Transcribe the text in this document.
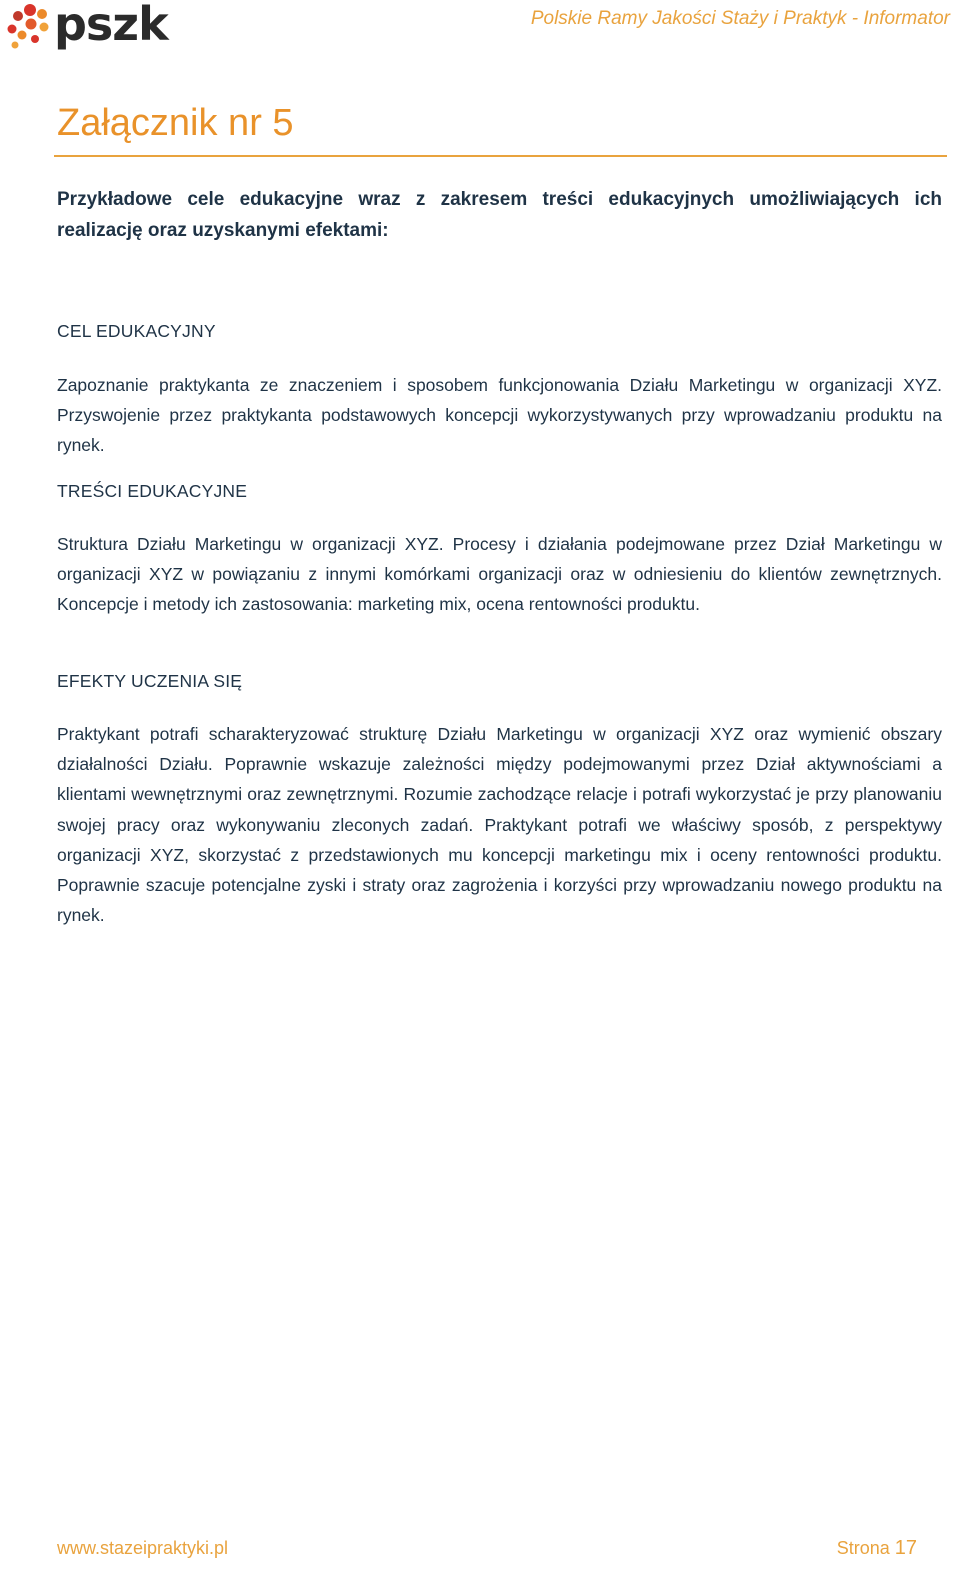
pszk	Polskie Ramy Jakości Staży i Praktyk - Informator
Załącznik nr 5

Przykładowe cele edukacyjne wraz z zakresem treści edukacyjnych umożliwiających ich realizację oraz uzyskanymi efektami:

CEL EDUKACYJNY

Zapoznanie praktykanta ze znaczeniem i sposobem funkcjonowania Działu Marketingu w organizacji XYZ. Przyswojenie przez praktykanta podstawowych koncepcji wykorzystywanych przy wprowadzaniu produktu na rynek.

TREŚCI EDUKACYJNE

Struktura Działu Marketingu w organizacji XYZ. Procesy i działania podejmowane przez Dział Marketingu w organizacji XYZ w powiązaniu z innymi komórkami organizacji oraz w odniesieniu do klientów zewnętrznych. Koncepcje i metody ich zastosowania: marketing mix, ocena rentowności produktu.

EFEKTY UCZENIA SIĘ

Praktykant potrafi scharakteryzować strukturę Działu Marketingu w organizacji XYZ oraz wymienić obszary działalności Działu. Poprawnie wskazuje zależności między podejmowanymi przez Dział aktywnościami a klientami wewnętrznymi oraz zewnętrznymi. Rozumie zachodzące relacje i potrafi wykorzystać je przy planowaniu swojej pracy oraz wykonywaniu zleconych zadań. Praktykant potrafi we właściwy sposób, z perspektywy organizacji XYZ, skorzystać z przedstawionych mu koncepcji marketingu mix i oceny rentowności produktu. Poprawnie szacuje potencjalne zyski i straty oraz zagrożenia i korzyści przy wprowadzaniu nowego produktu na rynek.

www.stazeipraktyki.pl	Strona 17
